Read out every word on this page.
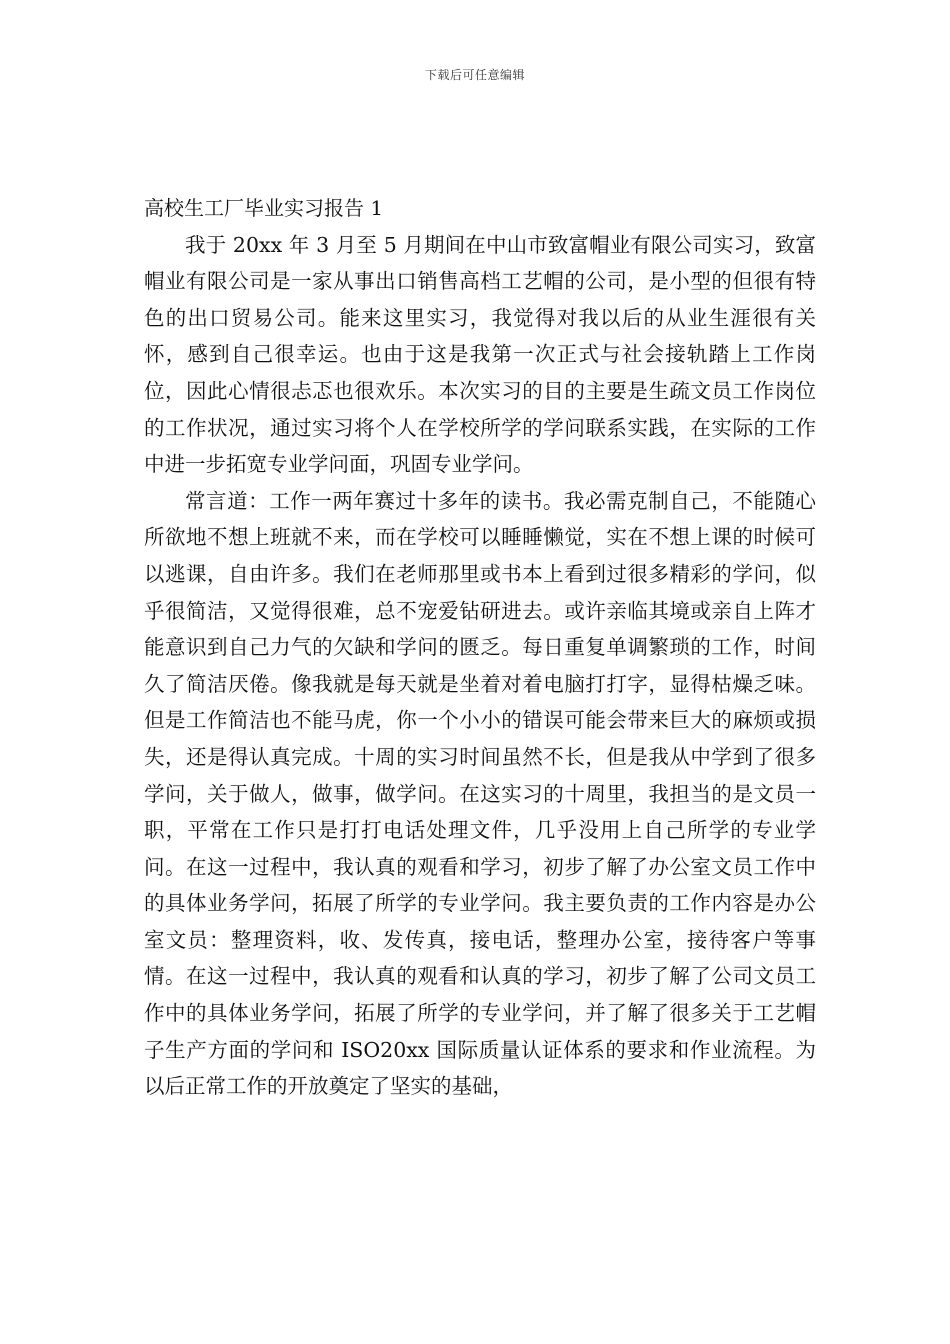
下载后可任意编辑
高校生工厂毕业实习报告 1

我于 20xx 年 3 月至 5 月期间在中山市致富帽业有限公司实习，致富帽业有限公司是一家从事出口销售高档工艺帽的公司，是小型的但很有特色的出口贸易公司。能来这里实习，我觉得对我以后的从业生涯很有关怀，感到自己很幸运。也由于这是我第一次正式与社会接轨踏上工作岗位，因此心情很忐忑也很欢乐。本次实习的目的主要是生疏文员工作岗位的工作状况，通过实习将个人在学校所学的学问联系实践，在实际的工作中进一步拓宽专业学问面，巩固专业学问。

常言道：工作一两年赛过十多年的读书。我必需克制自己，不能随心所欲地不想上班就不来，而在学校可以睡睡懒觉，实在不想上课的时候可以逃课，自由许多。我们在老师那里或书本上看到过很多精彩的学问，似乎很简洁，又觉得很难，总不宠爱钻研进去。或许亲临其境或亲自上阵才能意识到自己力气的欠缺和学问的匮乏。每日重复单调繁琐的工作，时间久了简洁厌倦。像我就是每天就是坐着对着电脑打打字，显得枯燥乏味。但是工作简洁也不能马虎，你一个小小的错误可能会带来巨大的麻烦或损失，还是得认真完成。十周的实习时间虽然不长，但是我从中学到了很多学问，关于做人，做事，做学问。在这实习的十周里，我担当的是文员一职，平常在工作只是打打电话处理文件，几乎没用上自己所学的专业学问。在这一过程中，我认真的观看和学习，初步了解了办公室文员工作中的具体业务学问，拓展了所学的专业学问。我主要负责的工作内容是办公室文员：整理资料，收、发传真，接电话，整理办公室，接待客户等事情。在这一过程中，我认真的观看和认真的学习，初步了解了公司文员工作中的具体业务学问，拓展了所学的专业学问，并了解了很多关于工艺帽子生产方面的学问和 ISO20xx 国际质量认证体系的要求和作业流程。为以后正常工作的开放奠定了坚实的基础，
